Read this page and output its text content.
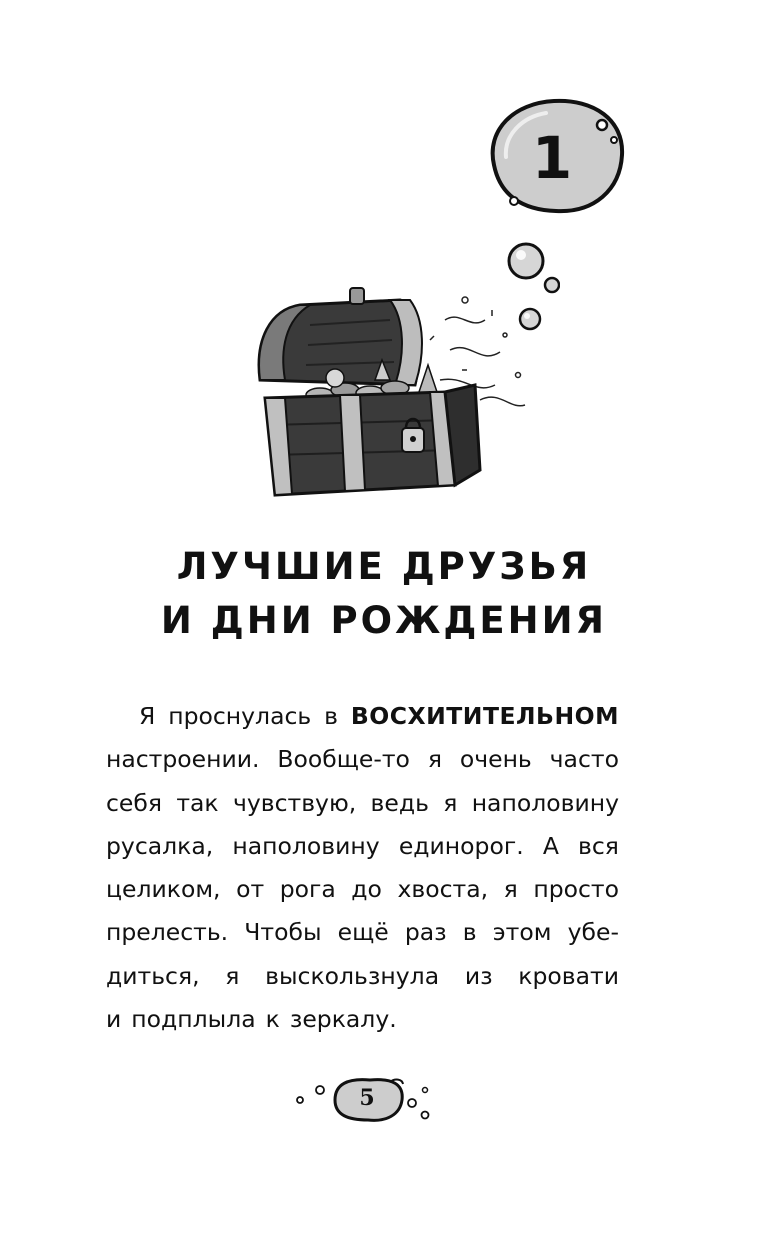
1
ЛУЧШИЕ ДРУЗЬЯ
И ДНИ РОЖДЕНИЯ
Я проснулась в ВОСХИТИТЕЛЬНОМ
настроении. Вообще-то я очень часто
себя так чувствую, ведь я наполовину
русалка, наполовину единорог. А вся
целиком, от рога до хвоста, я просто
прелесть. Чтобы ещё раз в этом убе-
диться, я выскользнула из кровати
и подплыла к зеркалу.
5
